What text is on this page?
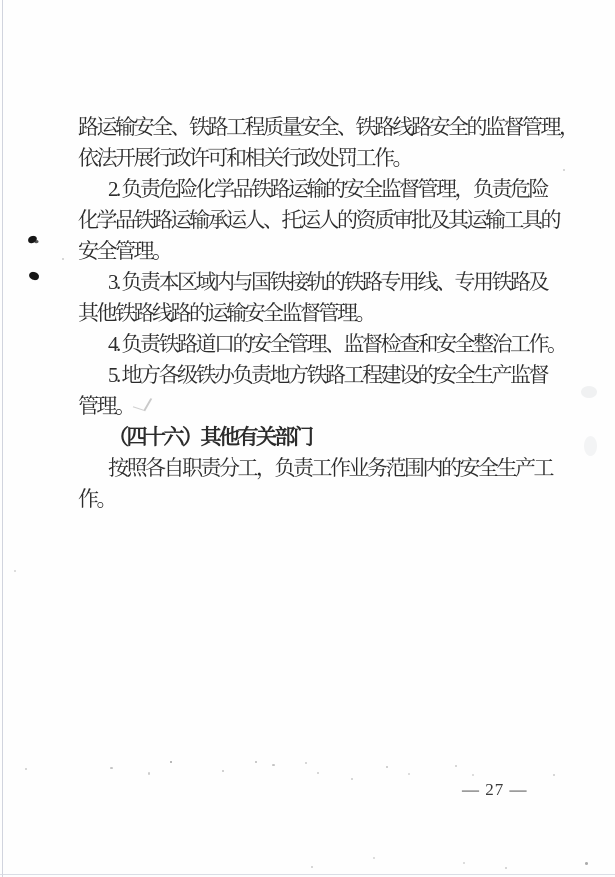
路运输安全、铁路工程质量安全、铁路线路安全的监督管理，
依法开展行政许可和相关行政处罚工作。
2. 负责危险化学品铁路运输的安全监督管理，负责危险
化学品铁路运输承运人、托运人的资质审批及其运输工具的
安全管理。
3. 负责本区域内与国铁接轨的铁路专用线、专用铁路及
其他铁路线路的运输安全监督管理。
4. 负责铁路道口的安全管理、监督检查和安全整治工作。
5. 地方各级铁办负责地方铁路工程建设的安全生产监督
管理。
（四十六）其他有关部门
按照各自职责分工，负责工作业务范围内的安全生产工
作。
— 27 —
